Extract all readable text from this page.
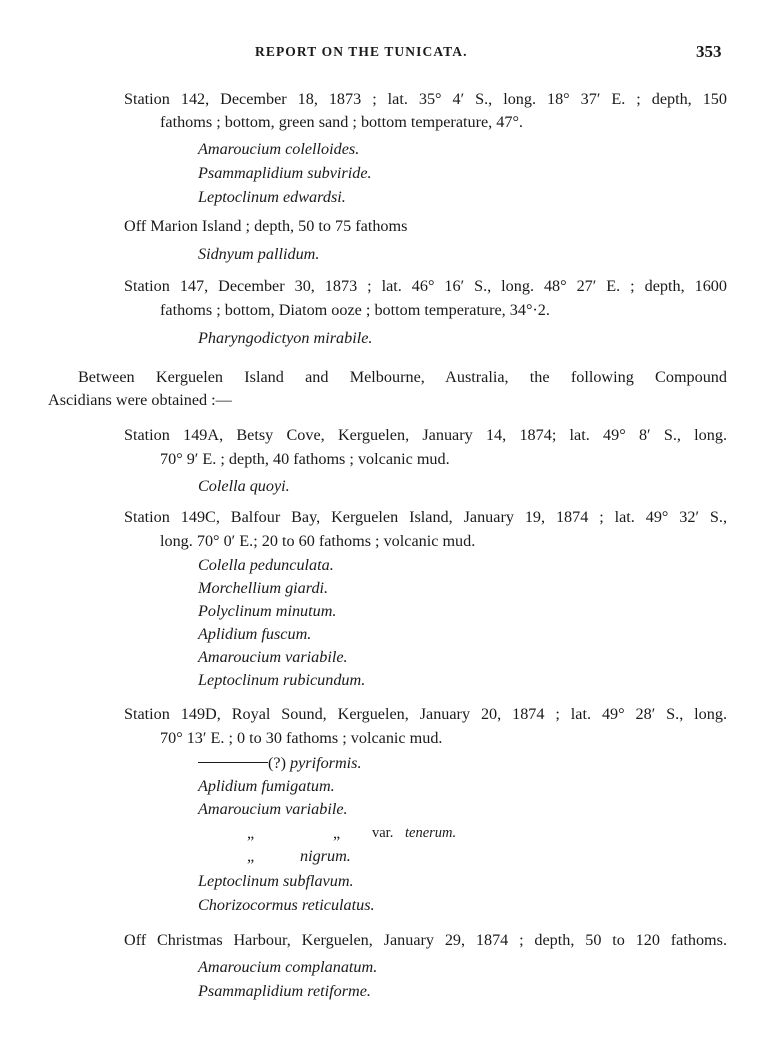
REPORT ON THE TUNICATA.	353
Station 142, December 18, 1873 ; lat. 35° 4′ S., long. 18° 37′ E. ; depth, 150
fathoms ; bottom, green sand ; bottom temperature, 47°.
Amaroucium colelloides.
Psammaplidium subviride.
Leptoclinum edwardsi.
Off Marion Island ; depth, 50 to 75 fathoms
Sidnyum pallidum.
Station 147, December 30, 1873 ; lat. 46° 16′ S., long. 48° 27′ E. ; depth, 1600
fathoms ; bottom, Diatom ooze ; bottom temperature, 34°·2.
Pharyngodictyon mirabile.
Between Kerguelen Island and Melbourne, Australia, the following Compound
Ascidians were obtained :—
Station 149A, Betsy Cove, Kerguelen, January 14, 1874; lat. 49° 8′ S., long.
70° 9′ E. ; depth, 40 fathoms ; volcanic mud.
Colella quoyi.
Station 149C, Balfour Bay, Kerguelen Island, January 19, 1874 ; lat. 49° 32′ S.,
long. 70° 0′ E.; 20 to 60 fathoms ; volcanic mud.
Colella pedunculata.
Morchellium giardi.
Polyclinum minutum.
Aplidium fuscum.
Amaroucium variabile.
Leptoclinum rubicundum.
Station 149D, Royal Sound, Kerguelen, January 20, 1874 ; lat. 49° 28′ S., long.
70° 13′ E. ; 0 to 30 fathoms ; volcanic mud.
(?) pyriformis.
Aplidium fumigatum.
Amaroucium variabile.
„	„ var. tenerum.
„	nigrum.
Leptoclinum subflavum.
Chorizocormus reticulatus.
Off Christmas Harbour, Kerguelen, January 29, 1874 ; depth, 50 to 120 fathoms.
Amaroucium complanatum.
Psammaplidium retiforme.
